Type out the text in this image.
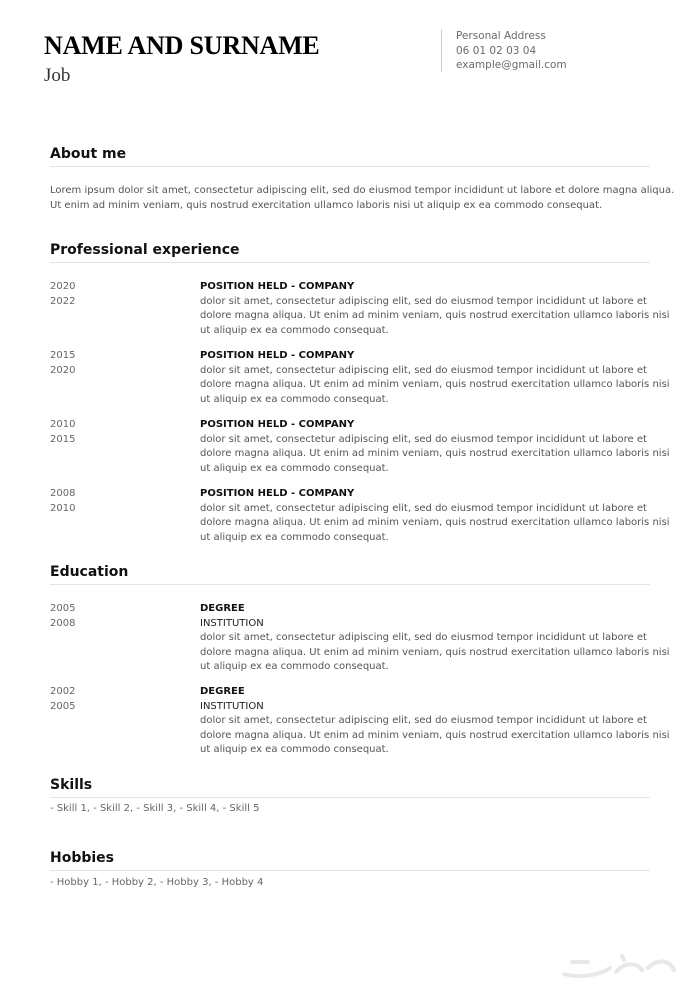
NAME AND SURNAME
Job
Personal Address
06 01 02 03 04
example@gmail.com
About me
Lorem ipsum dolor sit amet, consectetur adipiscing elit, sed do eiusmod tempor incididunt ut labore et dolore magna aliqua.
Ut enim ad minim veniam, quis nostrud exercitation ullamco laboris nisi ut aliquip ex ea commodo consequat.
Professional experience
2020
2022
POSITION HELD - COMPANY
dolor sit amet, consectetur adipiscing elit, sed do eiusmod tempor incididunt ut labore et
dolore magna aliqua. Ut enim ad minim veniam, quis nostrud exercitation ullamco laboris nisi
ut aliquip ex ea commodo consequat.
2015
2020
POSITION HELD - COMPANY
dolor sit amet, consectetur adipiscing elit, sed do eiusmod tempor incididunt ut labore et
dolore magna aliqua. Ut enim ad minim veniam, quis nostrud exercitation ullamco laboris nisi
ut aliquip ex ea commodo consequat.
2010
2015
POSITION HELD - COMPANY
dolor sit amet, consectetur adipiscing elit, sed do eiusmod tempor incididunt ut labore et
dolore magna aliqua. Ut enim ad minim veniam, quis nostrud exercitation ullamco laboris nisi
ut aliquip ex ea commodo consequat.
2008
2010
POSITION HELD - COMPANY
dolor sit amet, consectetur adipiscing elit, sed do eiusmod tempor incididunt ut labore et
dolore magna aliqua. Ut enim ad minim veniam, quis nostrud exercitation ullamco laboris nisi
ut aliquip ex ea commodo consequat.
Education
2005
2008
DEGREE
INSTITUTION
dolor sit amet, consectetur adipiscing elit, sed do eiusmod tempor incididunt ut labore et
dolore magna aliqua. Ut enim ad minim veniam, quis nostrud exercitation ullamco laboris nisi
ut aliquip ex ea commodo consequat.
2002
2005
DEGREE
INSTITUTION
dolor sit amet, consectetur adipiscing elit, sed do eiusmod tempor incididunt ut labore et
dolore magna aliqua. Ut enim ad minim veniam, quis nostrud exercitation ullamco laboris nisi
ut aliquip ex ea commodo consequat.
Skills
- Skill 1, - Skill 2, - Skill 3, - Skill 4, - Skill 5
Hobbies
- Hobby 1, - Hobby 2, - Hobby 3, - Hobby 4
